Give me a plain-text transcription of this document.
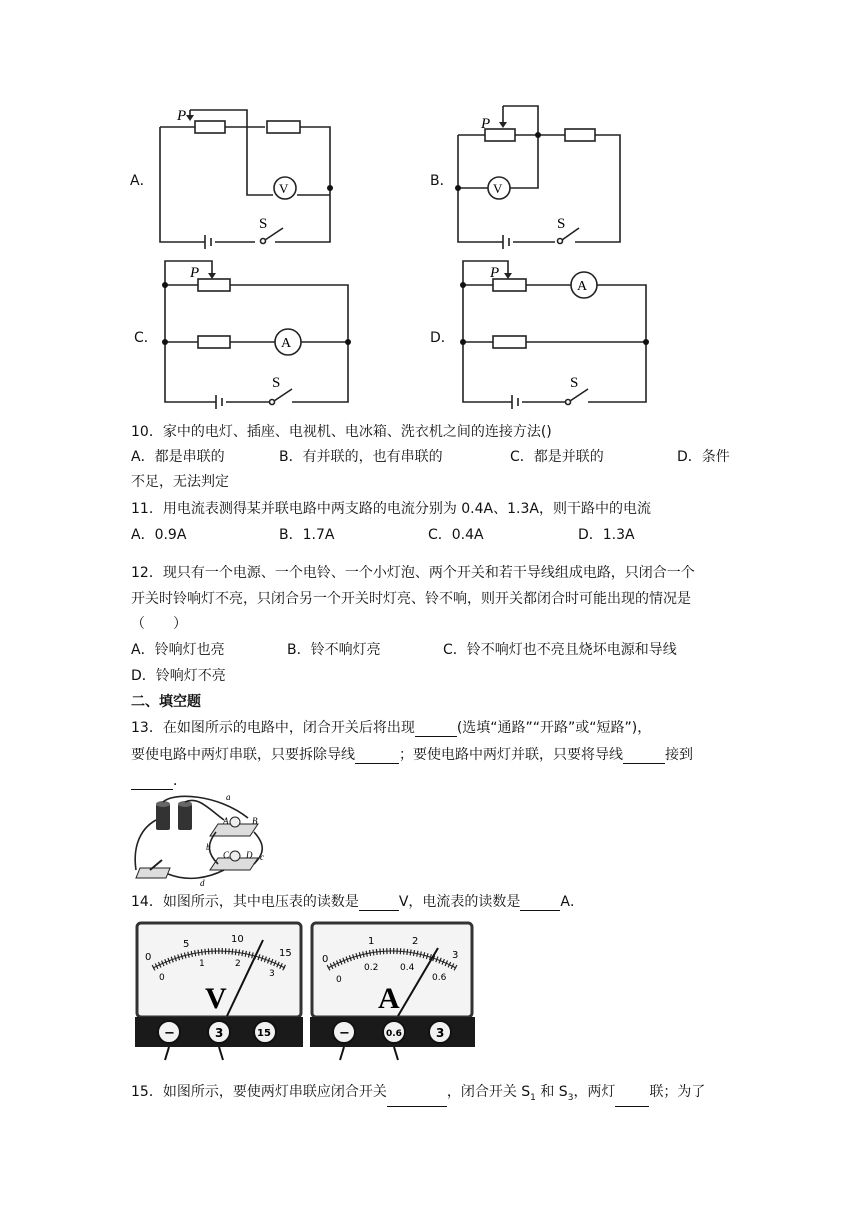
A．
P
V
S
B．
P
V
S
C．
P
A
S
D．
P
A
S
10．家中的电灯、插座、电视机、电冰箱、洗衣机之间的连接方法()
A．都是串联的	B．有并联的，也有串联的	C．都是并联的	D．条件
不足，无法判定
11．用电流表测得某并联电路中两支路的电流分别为 0.4A、1.3A，则干路中的电流
A．0.9A	B．1.7A	C．0.4A	D．1.3A
12．现只有一个电源、一个电铃、一个小灯泡、两个开关和若干导线组成电路，只闭合一个
开关时铃响灯不亮，只闭合另一个开关时灯亮、铃不响，则开关都闭合时可能出现的情况是
（　　）
A．铃响灯也亮	B．铃不响灯亮	C．铃不响灯也不亮且烧坏电源和导线
D．铃响灯不亮
二、填空题
13．在如图所示的电路中，闭合开关后将出现	(选填“通路”“开路”或“短路”)，
要使电路中两灯串联，只要拆除导线	；要使电路中两灯并联，只要将导线	接到
．
a
b
c
d
A	B
C D
14．如图所示，其中电压表的读数是	V，电流表的读数是	A．
0
5	10
15
0
1	2
3
V
−	3	15
0
1	2
3
0
0.2 0.4
0.6
A
−	0.6	3
15．如图所示，要使两灯串联应闭合开关	，闭合开关 $S_1$ 和 $S_3$，两灯 联；为了
